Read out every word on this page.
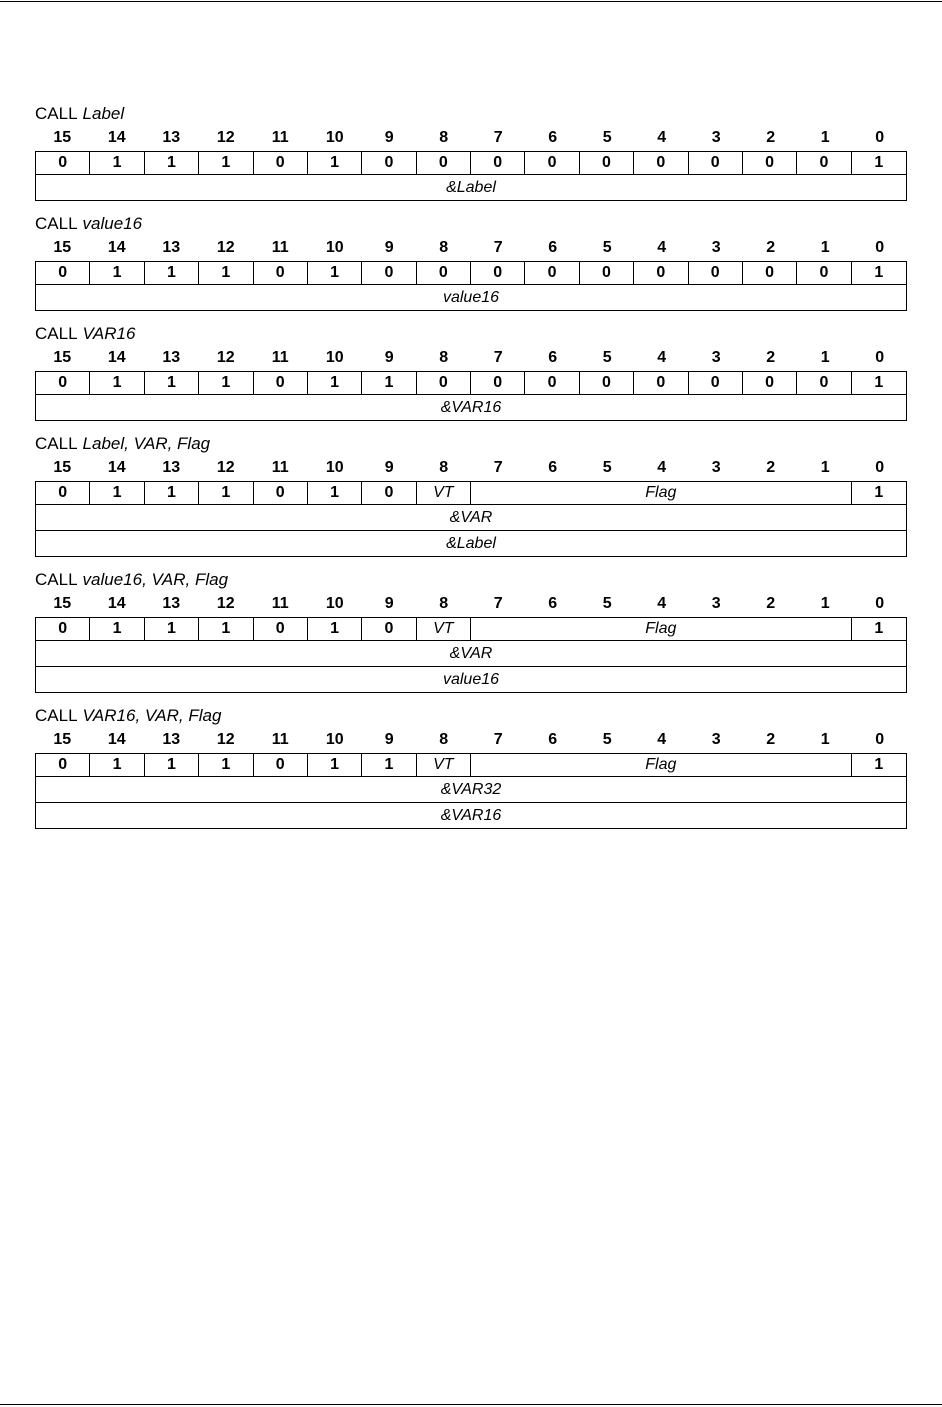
CALL Label
15	14	13	12	11	10	9	8	7	6	5	4	3	2	1	0
0	1	1	1	0	1	0	0	0	0	0	0	0	0	0	1
&Label
CALL value16
15	14	13	12	11	10	9	8	7	6	5	4	3	2	1	0
0	1	1	1	0	1	0	0	0	0	0	0	0	0	0	1
value16
CALL VAR16
15	14	13	12	11	10	9	8	7	6	5	4	3	2	1	0
0	1	1	1	0	1	1	0	0	0	0	0	0	0	0	1
&VAR16
CALL Label, VAR, Flag
15	14	13	12	11	10	9	8	7	6	5	4	3	2	1	0
0	1	1	1	0	1	0	VT	Flag	1
&VAR
&Label
CALL value16, VAR, Flag
15	14	13	12	11	10	9	8	7	6	5	4	3	2	1	0
0	1	1	1	0	1	0	VT	Flag	1
&VAR
value16
CALL VAR16, VAR, Flag
15	14	13	12	11	10	9	8	7	6	5	4	3	2	1	0
0	1	1	1	0	1	1	VT	Flag	1
&VAR32
&VAR16
